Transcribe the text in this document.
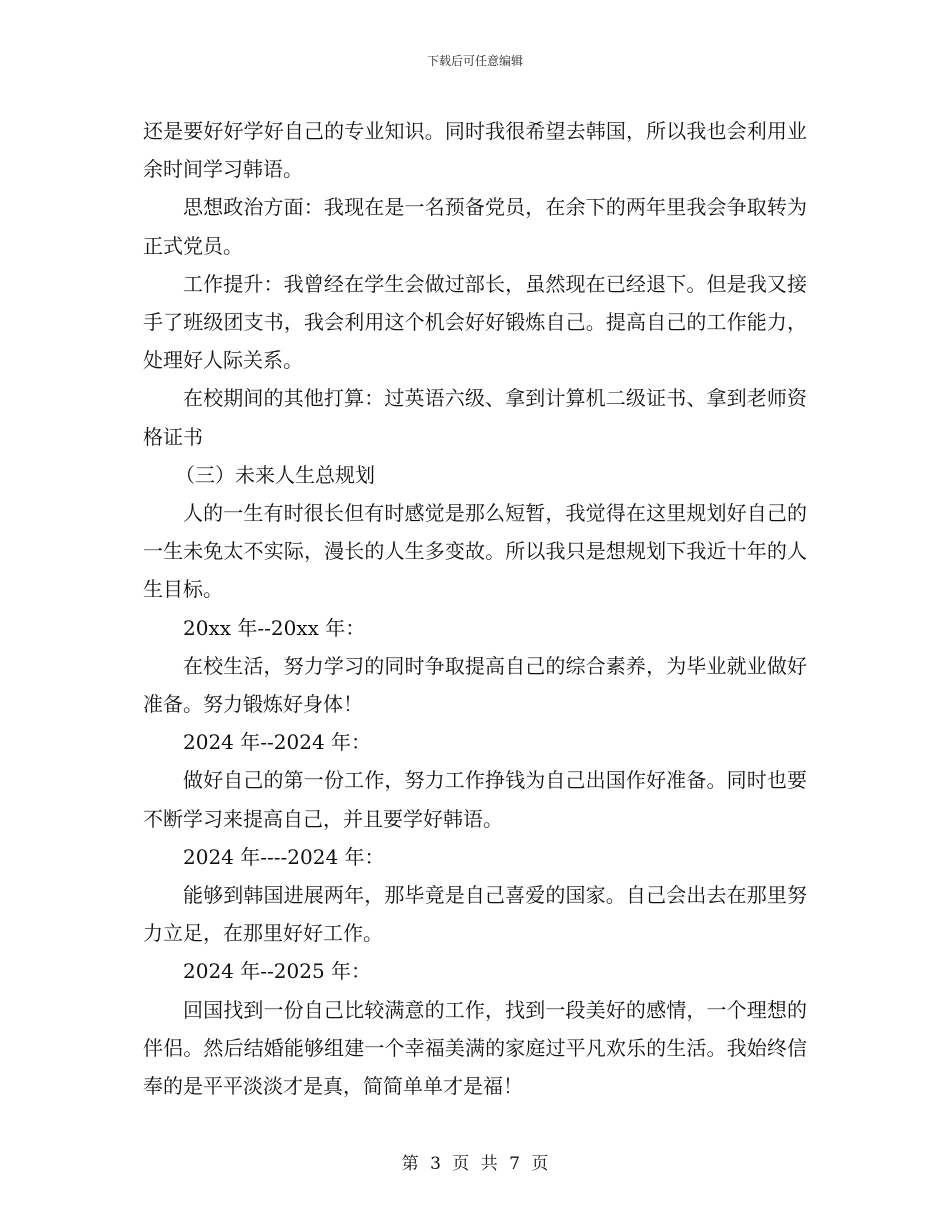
下载后可任意编辑

还是要好好学好自己的专业知识。同时我很希望去韩国，所以我也会利用业余时间学习韩语。

思想政治方面：我现在是一名预备党员，在余下的两年里我会争取转为正式党员。

工作提升：我曾经在学生会做过部长，虽然现在已经退下。但是我又接手了班级团支书，我会利用这个机会好好锻炼自己。提高自己的工作能力，处理好人际关系。

在校期间的其他打算：过英语六级、拿到计算机二级证书、拿到老师资格证书

（三）未来人生总规划

人的一生有时很长但有时感觉是那么短暂，我觉得在这里规划好自己的一生未免太不实际，漫长的人生多变故。所以我只是想规划下我近十年的人生目标。

20xx 年--20xx 年：

在校生活，努力学习的同时争取提高自己的综合素养，为毕业就业做好准备。努力锻炼好身体！

2024 年--2024 年：

做好自己的第一份工作，努力工作挣钱为自己出国作好准备。同时也要不断学习来提高自己，并且要学好韩语。

2024 年----2024 年：

能够到韩国进展两年，那毕竟是自己喜爱的国家。自己会出去在那里努力立足，在那里好好工作。

2024 年--2025 年：

回国找到一份自己比较满意的工作，找到一段美好的感情，一个理想的伴侣。然后结婚能够组建一个幸福美满的家庭过平凡欢乐的生活。我始终信奉的是平平淡淡才是真，简简单单才是福！

第 3 页 共 7 页
